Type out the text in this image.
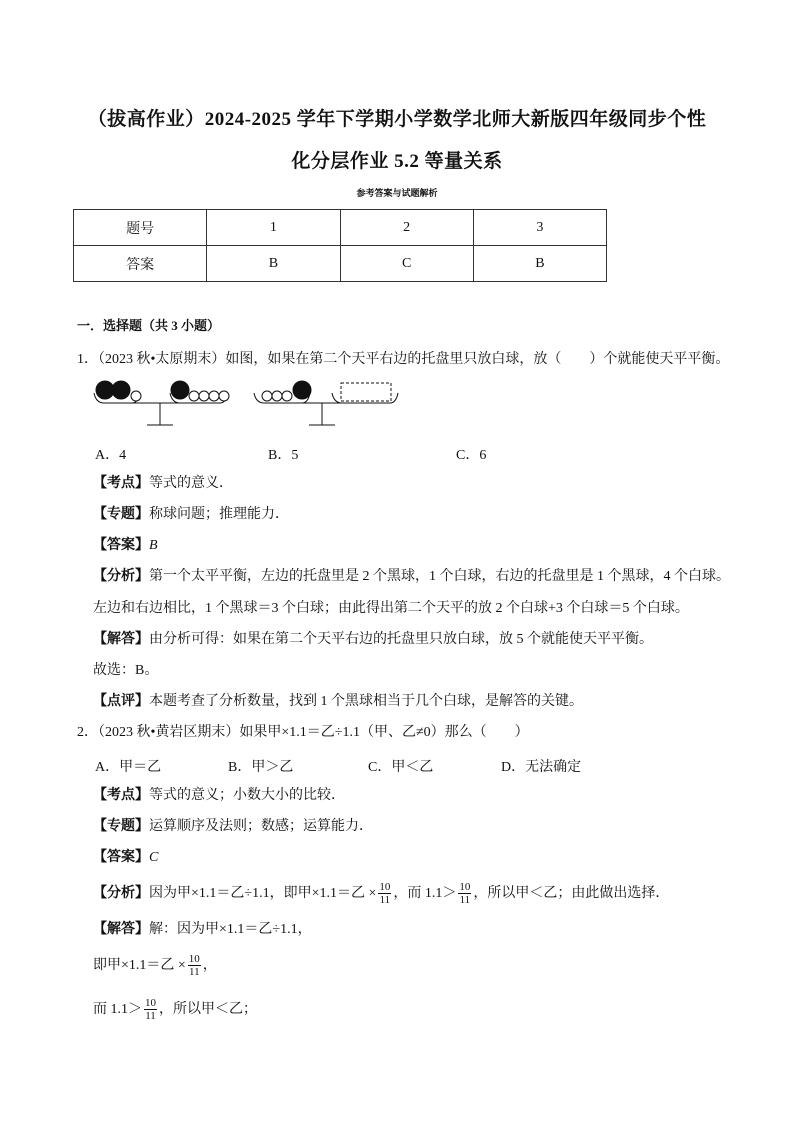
（拔高作业）2024-2025 学年下学期小学数学北师大新版四年级同步个性
化分层作业 5.2 等量关系
参考答案与试题解析
题号	1	2	3
答案	B	C	B
一．选择题（共 3 小题）
1．（2023 秋•太原期末）如图，如果在第二个天平右边的托盘里只放白球，放（　　）个就能使天平平衡。
A．4	B．5	C．6
【考点】等式的意义．
【专题】称球问题；推理能力．
【答案】B
【分析】第一个太平平衡，左边的托盘里是 2 个黑球，1 个白球，右边的托盘里是 1 个黑球，4 个白球。
左边和右边相比，1 个黑球＝3 个白球；由此得出第二个天平的放 2 个白球+3 个白球＝5 个白球。
【解答】由分析可得：如果在第二个天平右边的托盘里只放白球，放 5 个就能使天平平衡。
故选：B。
【点评】本题考查了分析数量，找到 1 个黑球相当于几个白球，是解答的关键。
2．（2023 秋•黄岩区期末）如果甲×1.1＝乙÷1.1（甲、乙≠0）那么（　　）
A．甲＝乙	B．甲＞乙	C．甲＜乙	D．无法确定
【考点】等式的意义；小数大小的比较．
【专题】运算顺序及法则；数感；运算能力．
【答案】C
【分析】因为甲×1.1＝乙÷1.1，即甲×1.1＝乙 × $\frac{10}{11}$ ，而 $1.1> \frac{10}{11}$ ，所以甲＜乙；由此做出选择．
【解答】解：因为甲×1.1＝乙÷1.1，
即甲×1.1＝乙 × $\frac{10}{11}$ ，
而 $1.1> \frac{10}{11}$ ，所以甲＜乙；
